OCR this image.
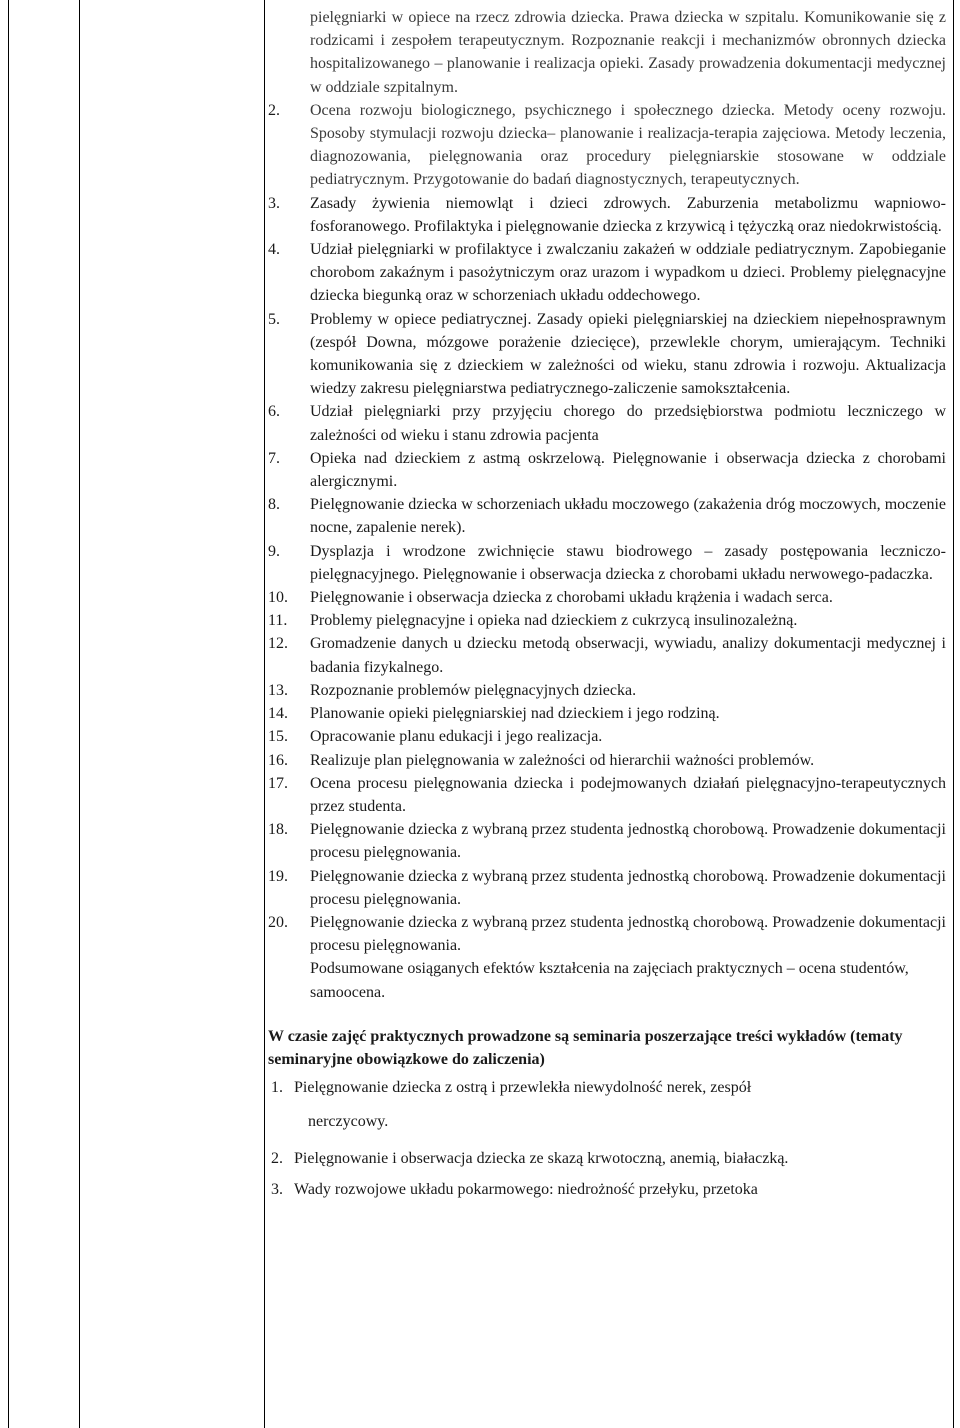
pielęgniarki w opiece na rzecz zdrowia dziecka. Prawa dziecka w szpitalu. Komunikowanie się z rodzicami i zespołem terapeutycznym. Rozpoznanie reakcji i mechanizmów obronnych dziecka hospitalizowanego – planowanie i realizacja opieki. Zasady prowadzenia dokumentacji medycznej w oddziale szpitalnym.

2. Ocena rozwoju biologicznego, psychicznego i społecznego dziecka. Metody oceny rozwoju. Sposoby stymulacji rozwoju dziecka– planowanie i realizacja-terapia zajęciowa. Metody leczenia, diagnozowania, pielęgnowania oraz procedury pielęgniarskie stosowane w oddziale pediatrycznym. Przygotowanie do badań diagnostycznych, terapeutycznych.
3. Zasady żywienia niemowląt i dzieci zdrowych. Zaburzenia metabolizmu wapniowo-fosforanowego. Profilaktyka i pielęgnowanie dziecka z krzywicą i tężyczką oraz niedokrwistością.
4. Udział pielęgniarki w profilaktyce i zwalczaniu zakażeń w oddziale pediatrycznym. Zapobieganie chorobom zakaźnym i pasożytniczym oraz urazom i wypadkom u dzieci. Problemy pielęgnacyjne dziecka biegunką oraz w schorzeniach układu oddechowego.
5. Problemy w opiece pediatrycznej. Zasady opieki pielęgniarskiej na dzieckiem niepełnosprawnym (zespół Downa, mózgowe porażenie dziecięce), przewlekle chorym, umierającym. Techniki komunikowania się z dzieckiem w zależności od wieku, stanu zdrowia i rozwoju. Aktualizacja wiedzy zakresu pielęgniarstwa pediatrycznego-zaliczenie samokształcenia.
6. Udział pielęgniarki przy przyjęciu chorego do przedsiębiorstwa podmiotu leczniczego w zależności od wieku i stanu zdrowia pacjenta
7. Opieka nad dzieckiem z astmą oskrzelową. Pielęgnowanie i obserwacja dziecka z chorobami alergicznymi.
8. Pielęgnowanie dziecka w schorzeniach układu moczowego (zakażenia dróg moczowych, moczenie nocne, zapalenie nerek).
9. Dysplazja i wrodzone zwichnięcie stawu biodrowego – zasady postępowania leczniczo-pielęgnacyjnego. Pielęgnowanie i obserwacja dziecka z chorobami układu nerwowego-padaczka.
10. Pielęgnowanie i obserwacja dziecka z chorobami układu krążenia i wadach serca.
11. Problemy pielęgnacyjne i opieka nad dzieckiem z cukrzycą insulinozależną.
12. Gromadzenie danych u dziecku metodą obserwacji, wywiadu, analizy dokumentacji medycznej i badania fizykalnego.
13. Rozpoznanie problemów pielęgnacyjnych dziecka.
14. Planowanie opieki pielęgniarskiej nad dzieckiem i jego rodziną.
15. Opracowanie planu edukacji i jego realizacja.
16. Realizuje plan pielęgnowania w zależności od hierarchii ważności problemów.
17. Ocena procesu pielęgnowania dziecka i podejmowanych działań pielęgnacyjno-terapeutycznych przez studenta.
18. Pielęgnowanie dziecka z wybraną przez studenta jednostką chorobową. Prowadzenie dokumentacji procesu pielęgnowania.
19. Pielęgnowanie dziecka z wybraną przez studenta jednostką chorobową. Prowadzenie dokumentacji procesu pielęgnowania.
20. Pielęgnowanie dziecka z wybraną przez studenta jednostką chorobową. Prowadzenie dokumentacji procesu pielęgnowania.

Podsumowane osiąganych efektów kształcenia na zajęciach praktycznych – ocena studentów, samoocena.

W czasie zajęć praktycznych prowadzone są seminaria poszerzające treści wykładów (tematy seminaryjne obowiązkowe do zaliczenia)

1. Pielęgnowanie dziecka z ostrą i przewlekła niewydolność nerek, zespół
nerczycowy.
2. Pielęgnowanie i obserwacja dziecka ze skazą krwotoczną, anemią, białaczką.
3. Wady rozwojowe układu pokarmowego: niedrożność przełyku, przetoka
